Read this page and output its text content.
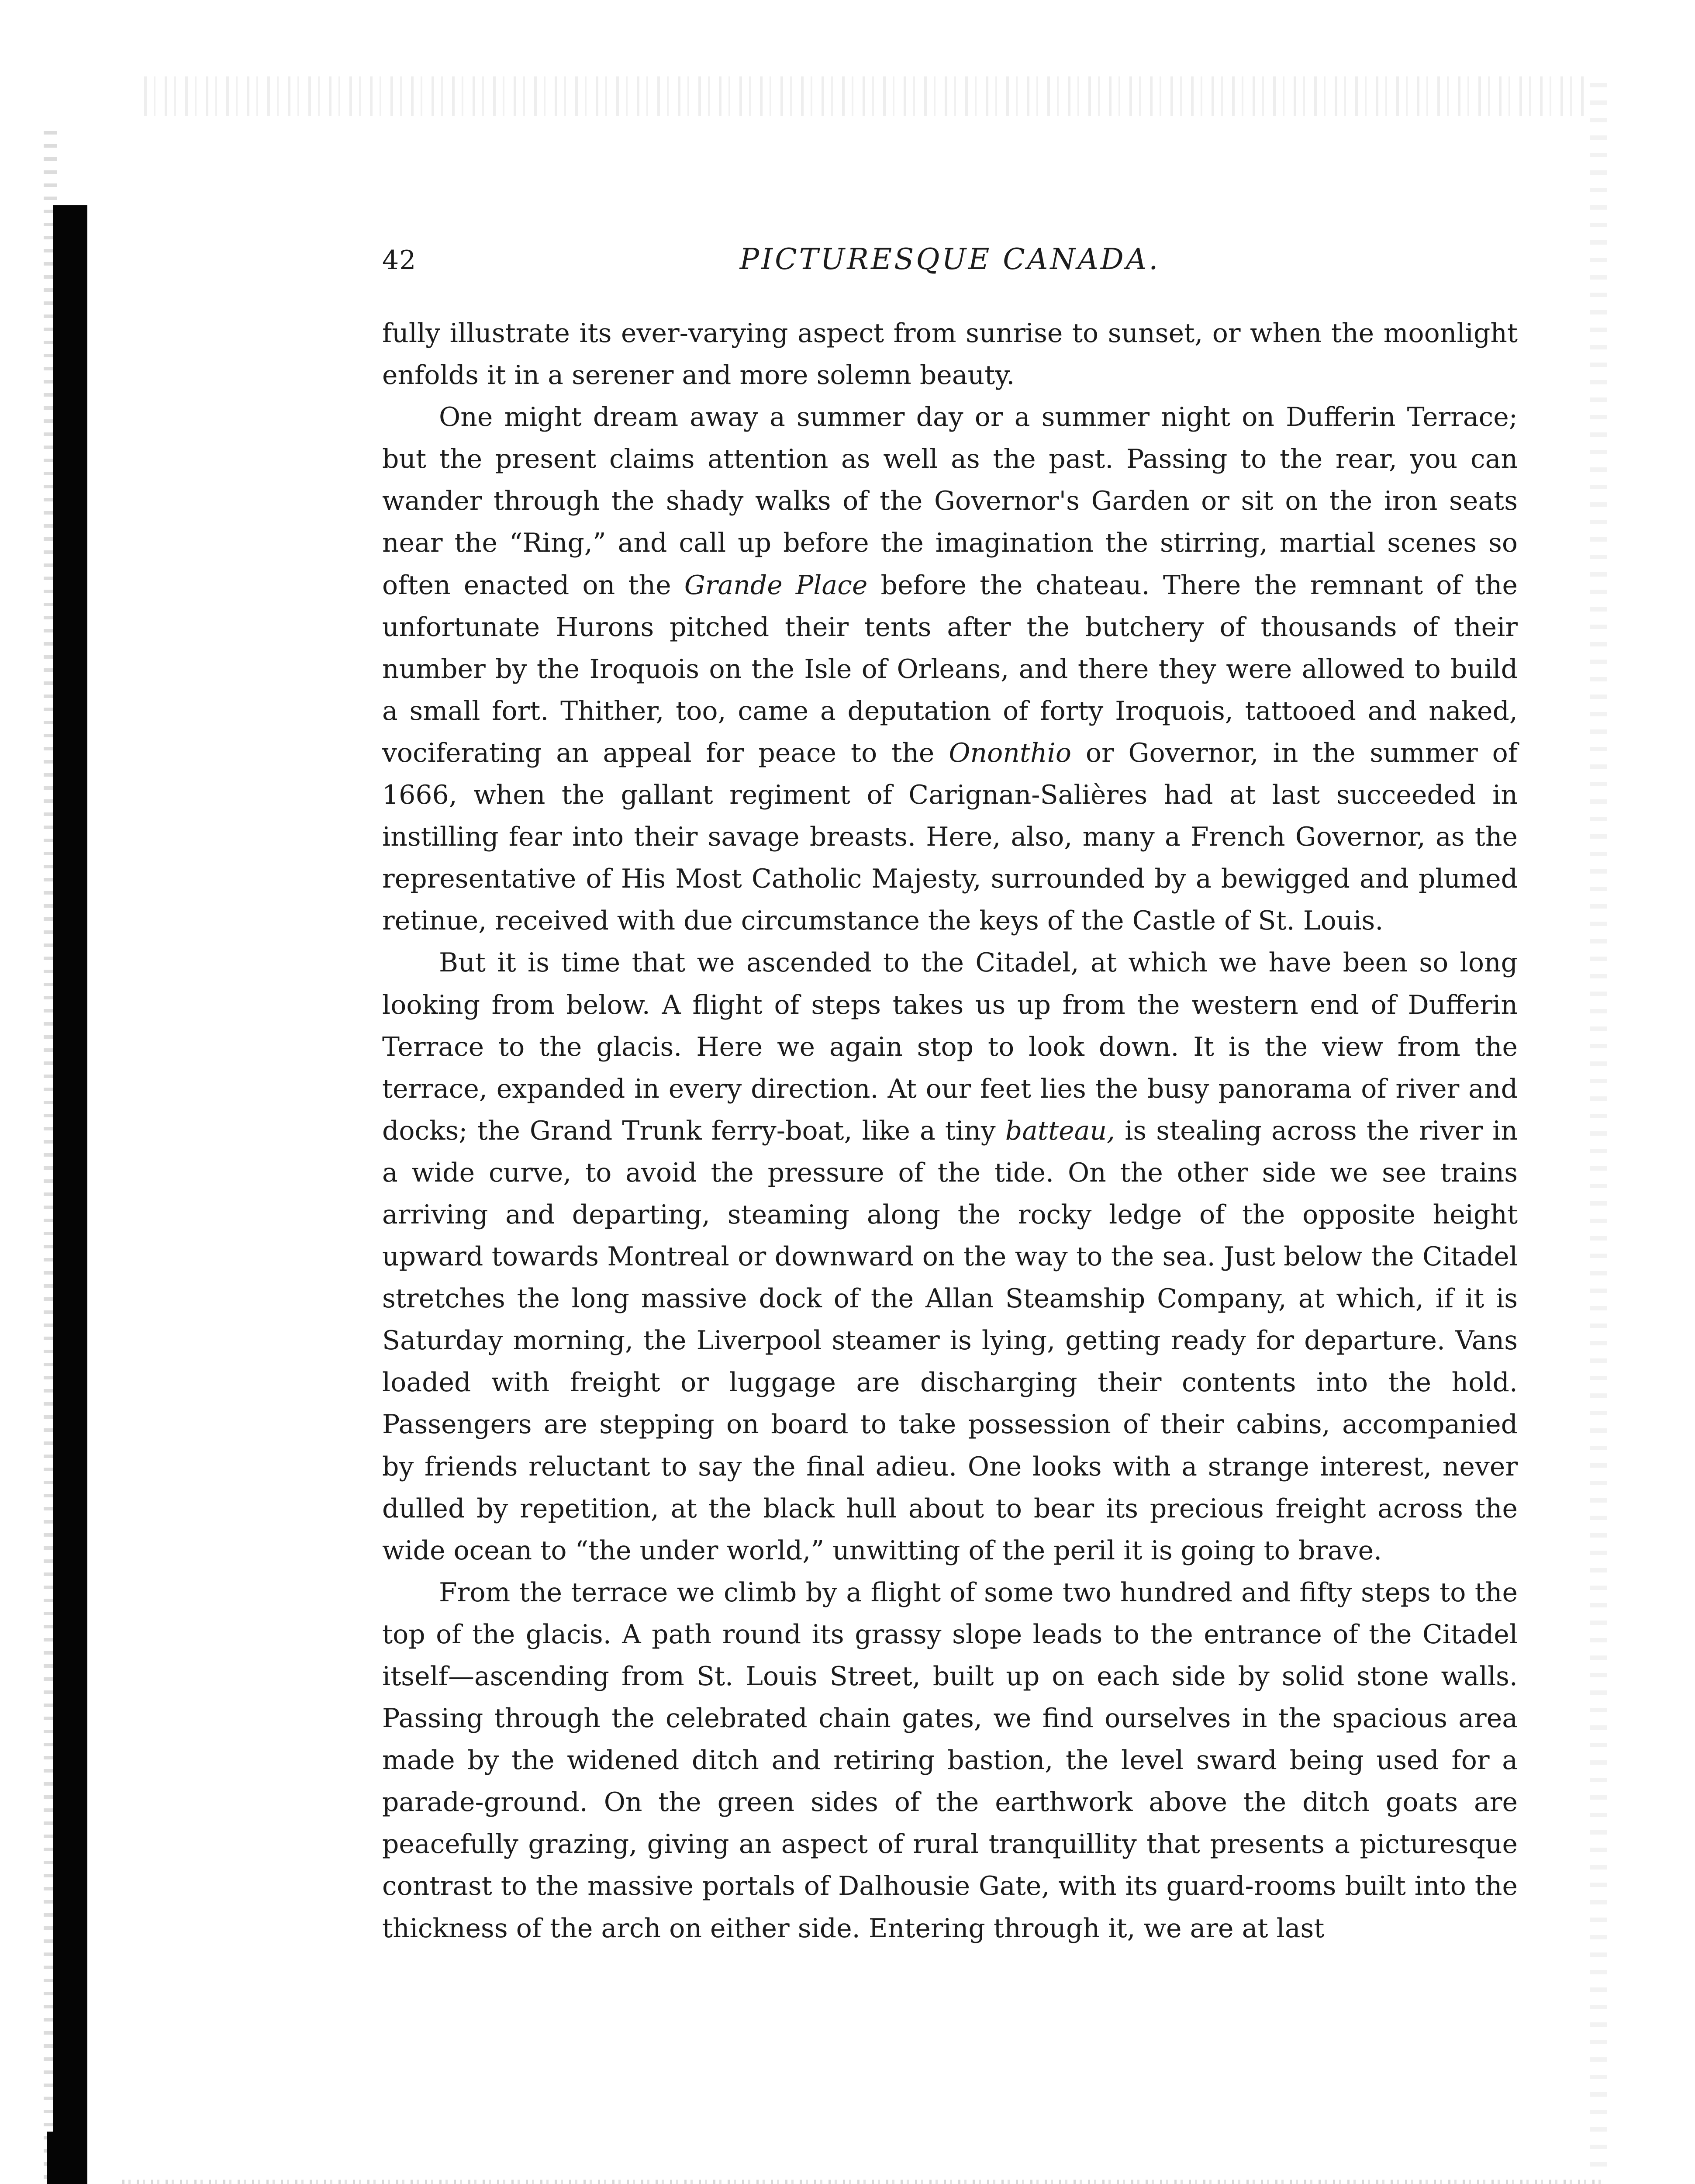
42	PICTURESQUE CANADA.

fully illustrate its ever-varying aspect from sunrise to sunset, or when the moonlight enfolds it in a serener and more solemn beauty.

One might dream away a summer day or a summer night on Dufferin Terrace; but the present claims attention as well as the past. Passing to the rear, you can wander through the shady walks of the Governor's Garden or sit on the iron seats near the “Ring,” and call up before the imagination the stirring, martial scenes so often enacted on the Grande Place before the chateau. There the remnant of the unfortunate Hurons pitched their tents after the butchery of thousands of their number by the Iroquois on the Isle of Orleans, and there they were allowed to build a small fort. Thither, too, came a deputation of forty Iroquois, tattooed and naked, vociferating an appeal for peace to the Ononthio or Governor, in the summer of 1666, when the gallant regiment of Carignan-Salières had at last succeeded in instilling fear into their savage breasts. Here, also, many a French Governor, as the representative of His Most Catholic Majesty, surrounded by a bewigged and plumed retinue, received with due circumstance the keys of the Castle of St. Louis.

But it is time that we ascended to the Citadel, at which we have been so long looking from below. A flight of steps takes us up from the western end of Dufferin Terrace to the glacis. Here we again stop to look down. It is the view from the terrace, expanded in every direction. At our feet lies the busy panorama of river and docks; the Grand Trunk ferry-boat, like a tiny batteau, is stealing across the river in a wide curve, to avoid the pressure of the tide. On the other side we see trains arriving and departing, steaming along the rocky ledge of the opposite height upward towards Montreal or downward on the way to the sea. Just below the Citadel stretches the long massive dock of the Allan Steamship Company, at which, if it is Saturday morning, the Liverpool steamer is lying, getting ready for departure. Vans loaded with freight or luggage are discharging their contents into the hold. Passengers are stepping on board to take possession of their cabins, accompanied by friends reluctant to say the final adieu. One looks with a strange interest, never dulled by repetition, at the black hull about to bear its precious freight across the wide ocean to “the under world,” unwitting of the peril it is going to brave.

From the terrace we climb by a flight of some two hundred and fifty steps to the top of the glacis. A path round its grassy slope leads to the entrance of the Citadel itself—ascending from St. Louis Street, built up on each side by solid stone walls. Passing through the celebrated chain gates, we find ourselves in the spacious area made by the widened ditch and retiring bastion, the level sward being used for a parade-ground. On the green sides of the earthwork above the ditch goats are peacefully grazing, giving an aspect of rural tranquillity that presents a picturesque contrast to the massive portals of Dalhousie Gate, with its guard-rooms built into the thickness of the arch on either side. Entering through it, we are at last
